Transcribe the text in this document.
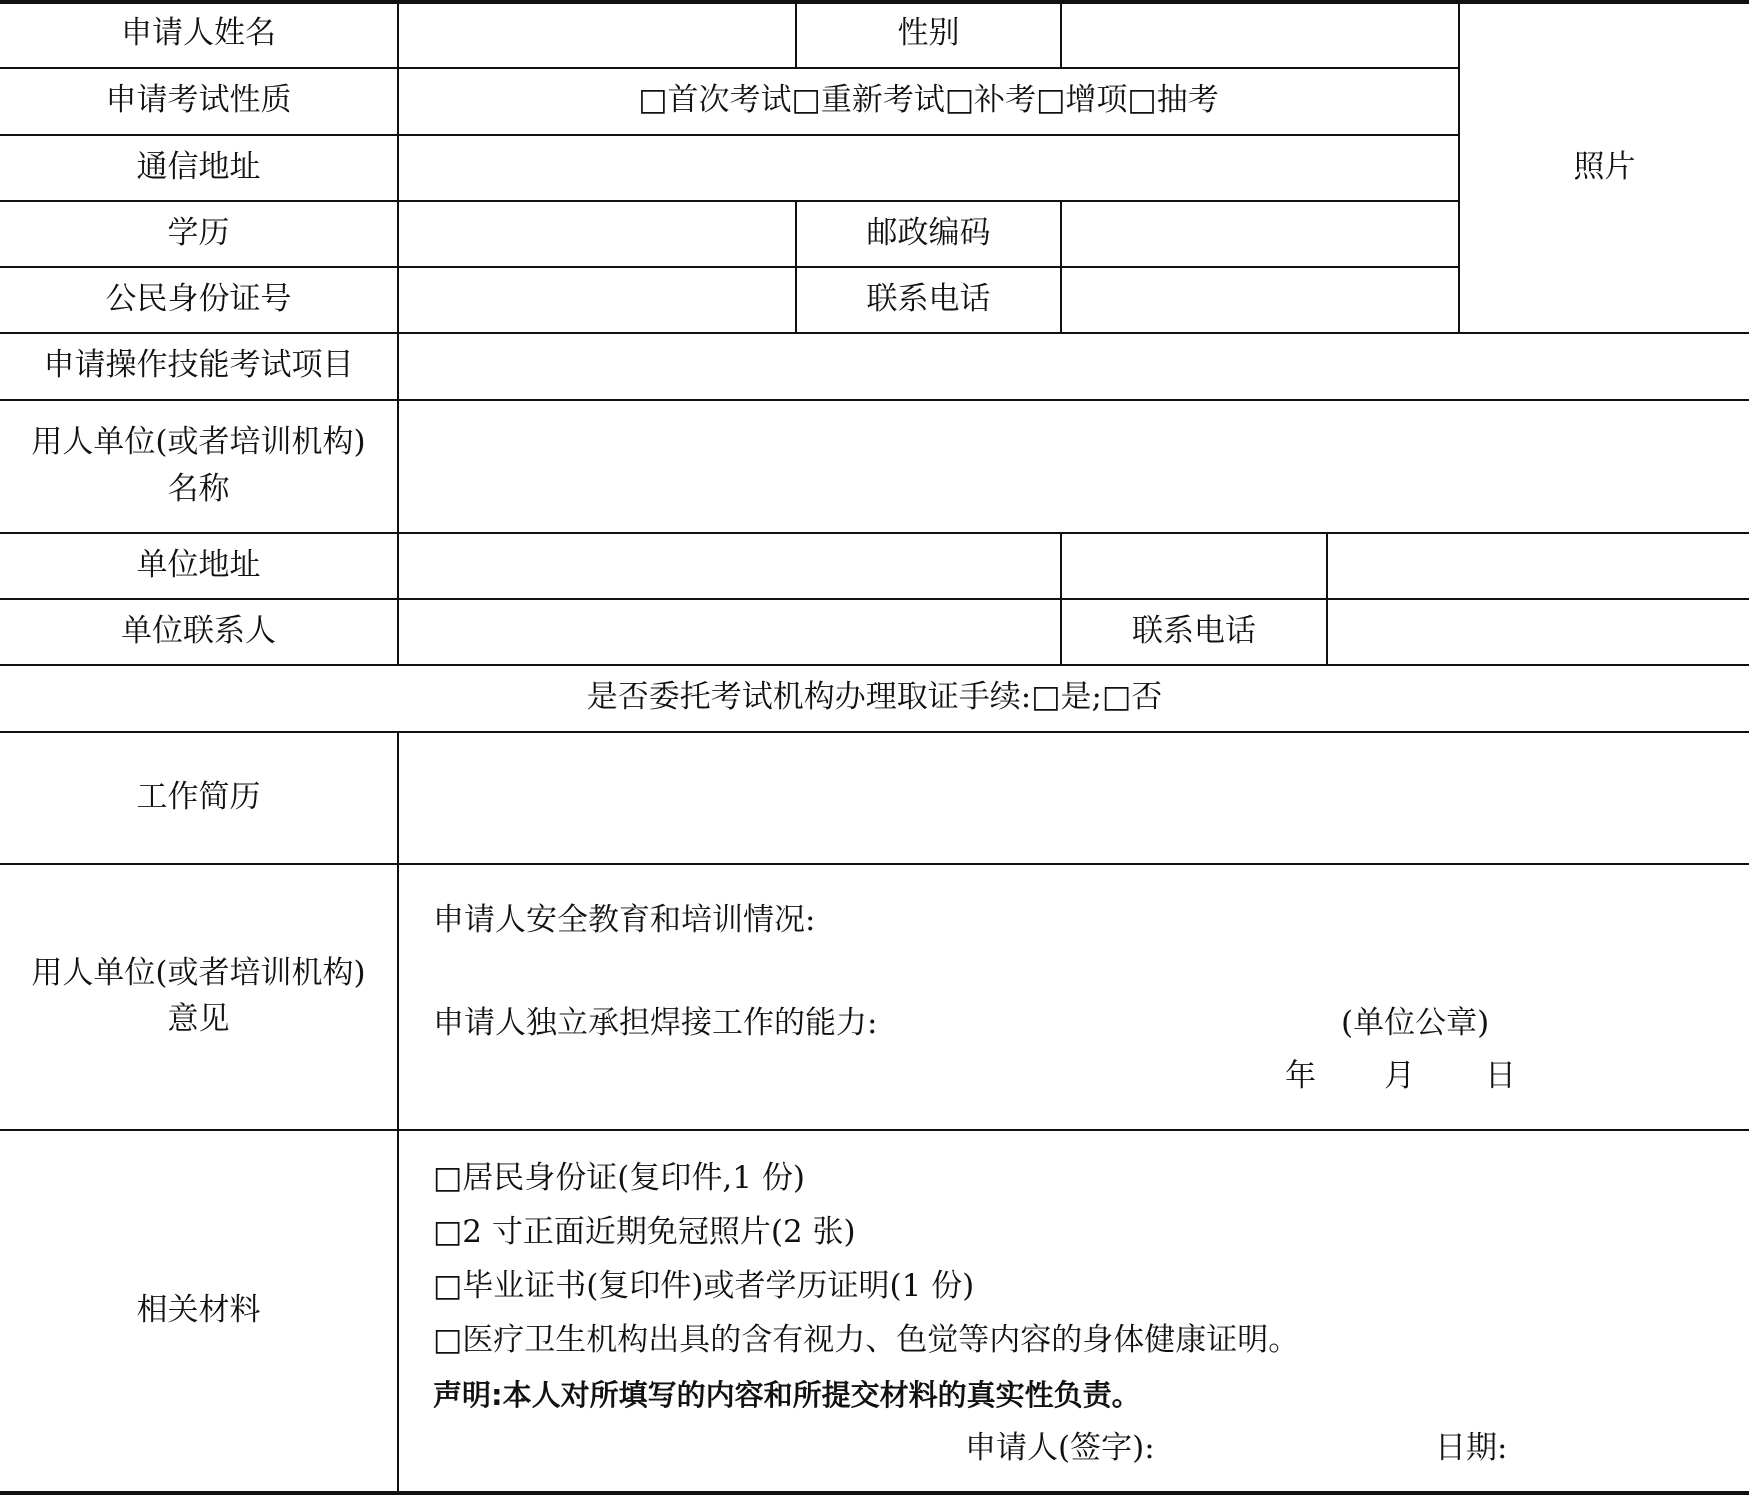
申请人姓名	性别
照片
申请考试性质	□首次考试□重新考试□补考□增项□抽考
通信地址
学历	邮政编码
公民身份证号	联系电话
申请操作技能考试项目
用人单位(或者培训机构)
名称
单位地址
单位联系人	联系电话
是否委托考试机构办理取证手续:□是;□否
工作简历
用人单位(或者培训机构)
意见
申请人安全教育和培训情况:
申请人独立承担焊接工作的能力:	(单位公章)
年 月 日
相关材料
□居民身份证(复印件,1 份)
□2 寸正面近期免冠照片(2 张)
□毕业证书(复印件)或者学历证明(1 份)
□医疗卫生机构出具的含有视力、色觉等内容的身体健康证明。
声明:本人对所填写的内容和所提交材料的真实性负责。
申请人(签字):	日期:
